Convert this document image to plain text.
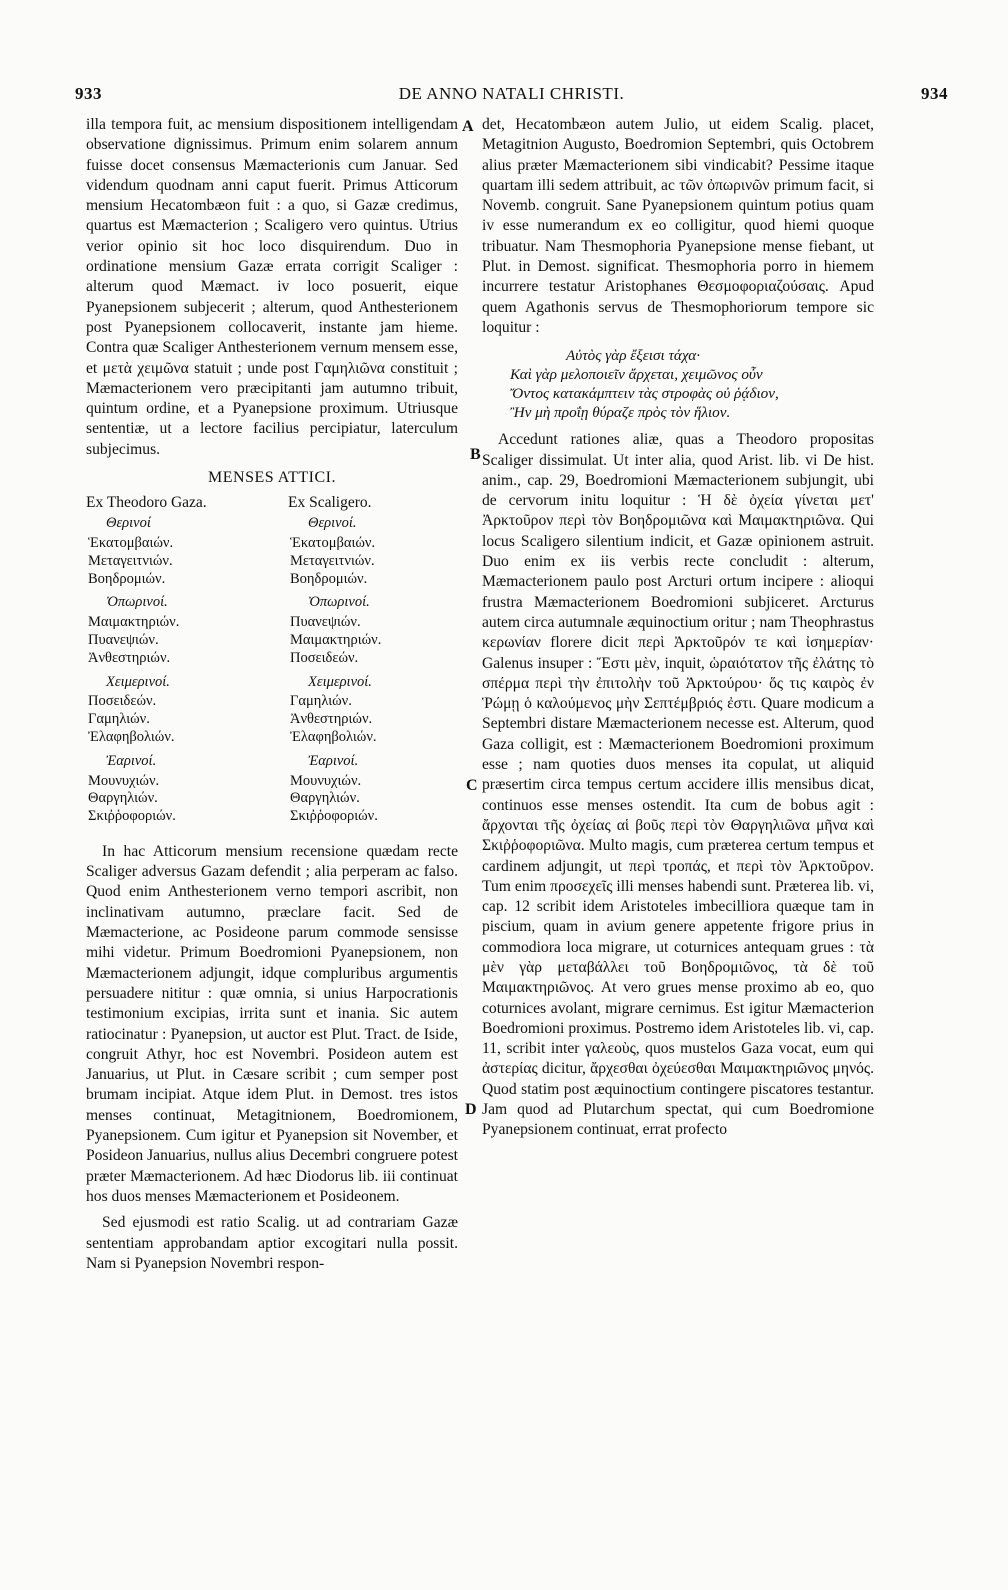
933	DE ANNO NATALI CHRISTI.	934
A
B
C
D

illa tempora fuit, ac mensium dispositionem intelligendam observatione dignissimus. Primum enim solarem annum fuisse docet consensus Mæmacterionis cum Januar. Sed videndum quodnam anni caput fuerit. Primus Atticorum mensium Hecatombæon fuit : a quo, si Gazæ credimus, quartus est Mæmacterion ; Scaligero vero quintus. Utrius verior opinio sit hoc loco disquirendum. Duo in ordinatione mensium Gazæ errata corrigit Scaliger : alterum quod Mæmact. iv loco posuerit, eique Pyanepsionem subjecerit ; alterum, quod Anthesterionem post Pyanepsionem collocaverit, instante jam hieme. Contra quæ Scaliger Anthesterionem vernum mensem esse, et μετὰ χειμῶνα statuit ; unde post Γαμηλιῶνα constituit ; Mæmacterionem vero præcipitanti jam autumno tribuit, quintum ordine, et a Pyanepsione proximum. Utriusque sententiæ, ut a lectore facilius percipiatur, laterculum subjecimus.

MENSES ATTICI.
Ex Theodoro Gaza.
Θερινοί
Ἑκατομβαιών.
Μεταγειτνιών.
Βοηδρομιών.
Ὀπωρινοί.
Μαιμακτηριών.
Πυανεψιών.
Ἀνθεστηριών.
Χειμερινοί.
Ποσειδεών.
Γαμηλιών.
Ἐλαφηβολιών.
Ἐαρινοί.
Μουνυχιών.
Θαργηλιών.
Σκιῤῥοφοριών.
Ex Scaligero.
Θερινοί.
Ἑκατομβαιών.
Μεταγειτνιών.
Βοηδρομιών.
Ὀπωρινοί.
Πυανεψιών.
Μαιμακτηριών.
Ποσειδεών.
Χειμερινοί.
Γαμηλιών.
Ἀνθεστηριών.
Ἐλαφηβολιών.
Ἐαρινοί.
Μουνυχιών.
Θαργηλιών.
Σκιῤῥοφοριών.

In hac Atticorum mensium recensione quædam recte Scaliger adversus Gazam defendit ; alia perperam ac falso. Quod enim Anthesterionem verno tempori ascribit, non inclinativam autumno, præclare facit. Sed de Mæmacterione, ac Posideone parum commode sensisse mihi videtur. Primum Boedromioni Pyanepsionem, non Mæmacterionem adjungit, idque compluribus argumentis persuadere nititur : quæ omnia, si unius Harpocrationis testimonium excipias, irrita sunt et inania. Sic autem ratiocinatur : Pyanepsion, ut auctor est Plut. Tract. de Iside, congruit Athyr, hoc est Novembri. Posideon autem est Januarius, ut Plut. in Cæsare scribit ; cum semper post brumam incipiat. Atque idem Plut. in Demost. tres istos menses continuat, Metagitnionem, Boedromionem, Pyanepsionem. Cum igitur et Pyanepsion sit November, et Posideon Januarius, nullus alius Decembri congruere potest præter Mæmacterionem. Ad hæc Diodorus lib. iii continuat hos duos menses Mæmacterionem et Posideonem.

Sed ejusmodi est ratio Scalig. ut ad contrariam Gazæ sententiam approbandam aptior excogitari nulla possit. Nam si Pyanepsion Novembri respon-

det, Hecatombæon autem Julio, ut eidem Scalig. placet, Metagitnion Augusto, Boedromion Septembri, quis Octobrem alius præter Mæmacterionem sibi vindicabit? Pessime itaque quartam illi sedem attribuit, ac τῶν ὀπωρινῶν primum facit, si Novemb. congruit. Sane Pyanepsionem quintum potius quam iv esse numerandum ex eo colligitur, quod hiemi quoque tribuatur. Nam Thesmophoria Pyanepsione mense fiebant, ut Plut. in Demost. significat. Thesmophoria porro in hiemem incurrere testatur Aristophanes Θεσμοφοριαζούσαις. Apud quem Agathonis servus de Thesmophoriorum tempore sic loquitur :

Αὐτὸς γὰρ ἔξεισι τάχα·
Καὶ γὰρ μελοποιεῖν ἄρχεται, χειμῶνος οὖν
Ὄντος κατακάμπτειν τὰς στροφὰς οὐ ῥᾴδιον,
Ἢν μὴ προΐῃ θύραζε πρὸς τὸν ἥλιον.

Accedunt rationes aliæ, quas a Theodoro propositas Scaliger dissimulat. Ut inter alia, quod Arist. lib. vi De hist. anim., cap. 29, Boedromioni Mæmacterionem subjungit, ubi de cervorum initu loquitur : Ἡ δὲ ὀχεία γίνεται μετ' Ἀρκτοῦρον περὶ τὸν Βοηδρομιῶνα καὶ Μαιμακτηριῶνα. Qui locus Scaligero silentium indicit, et Gazæ opinionem astruit. Duo enim ex iis verbis recte concludit : alterum, Mæmacterionem paulo post Arcturi ortum incipere : alioqui frustra Mæmacterionem Boedromioni subjiceret. Arcturus autem circa autumnale æquinoctium oritur ; nam Theophrastus κερωνίαν florere dicit περὶ Ἀρκτοῦρόν τε καὶ ἰσημερίαν· Galenus insuper : Ἔστι μὲν, inquit, ὡραιότατον τῆς ἐλάτης τὸ σπέρμα περὶ τὴν ἐπιτολὴν τοῦ Ἀρκτούρου· ὅς τις καιρὸς ἐν Ῥώμῃ ὁ καλούμενος μὴν Σεπτέμβριός ἐστι. Quare modicum a Septembri distare Mæmacterionem necesse est. Alterum, quod Gaza colligit, est : Mæmacterionem Boedromioni proximum esse ; nam quoties duos menses ita copulat, ut aliquid præsertim circa tempus certum accidere illis mensibus dicat, continuos esse menses ostendit. Ita cum de bobus agit : ἄρχονται τῆς ὀχείας αἱ βοῦς περὶ τὸν Θαργηλιῶνα μῆνα καὶ Σκιῤῥοφοριῶνα. Multo magis, cum præterea certum tempus et cardinem adjungit, ut περὶ τροπάς, et περὶ τὸν Ἀρκτοῦρον. Tum enim προσεχεῖς illi menses habendi sunt. Præterea lib. vi, cap. 12 scribit idem Aristoteles imbecilliora quæque tam in piscium, quam in avium genere appetente frigore prius in commodiora loca migrare, ut coturnices antequam grues : τὰ μὲν γὰρ μεταβάλλει τοῦ Βοηδρομιῶνος, τὰ δὲ τοῦ Μαιμακτηριῶνος. At vero grues mense proximo ab eo, quo coturnices avolant, migrare cernimus. Est igitur Mæmacterion Boedromioni proximus. Postremo idem Aristoteles lib. vi, cap. 11, scribit inter γαλεοὺς, quos mustelos Gaza vocat, eum qui ἀστερίας dicitur, ἄρχεσθαι ὀχεύεσθαι Μαιμακτηριῶνος μηνός. Quod statim post æquinoctium contingere piscatores testantur. Jam quod ad Plutarchum spectat, qui cum Boedromione Pyanepsionem continuat, errat profecto
